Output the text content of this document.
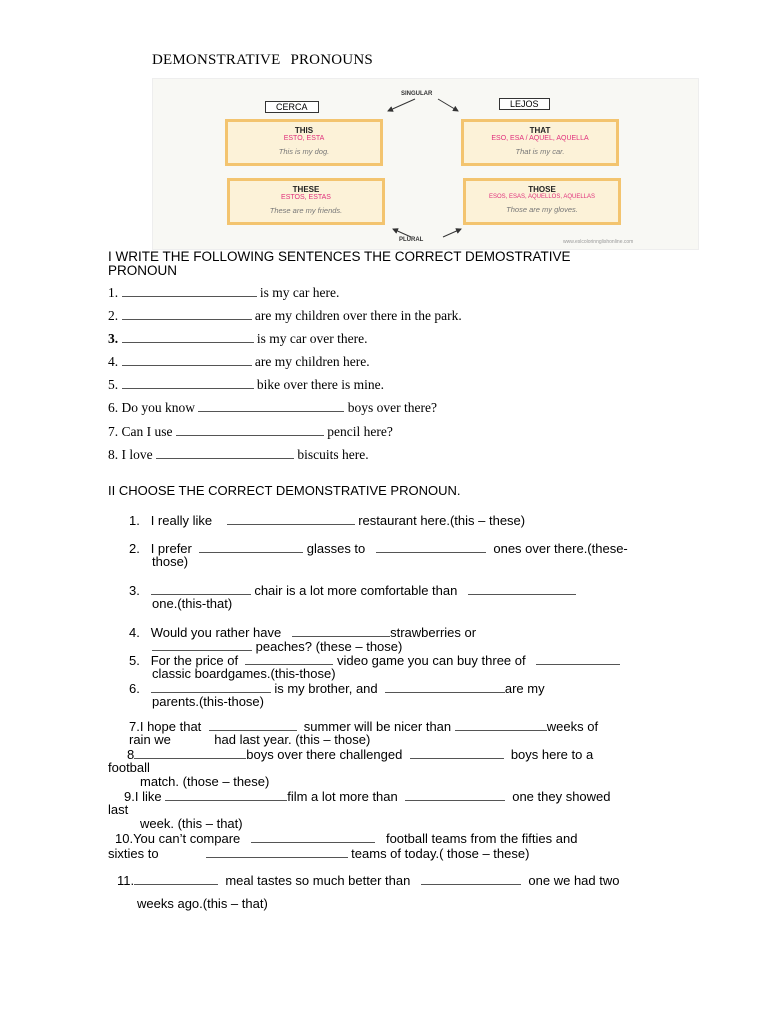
DEMONSTRATIVE PRONOUNS
SINGULAR
PLURAL
CERCA	LEJOS
THIS
ESTO, ESTA
This is my dog.
THAT
ESO, ESA / AQUEL, AQUELLA
That is my car.
THESE
ESTOS, ESTAS
These are my friends.
THOSE
ESOS, ESAS, AQUELLOS, AQUELLAS
Those are my gloves.
www.eslcolorinnglishonline.com
I WRITE THE FOLLOWING SENTENCES THE CORRECT DEMOSTRATIVE
PRONOUN
1.	is my car here.
2.	are my children over there in the park.
3.	is my car over there.
4.	are my children here.
5.	bike over there is mine.
6. Do you know	boys over there?
7. Can I use	pencil here?
8. I love	biscuits here.
II CHOOSE THE CORRECT DEMONSTRATIVE PRONOUN.
1. I really like	restaurant here.(this – these)
2. I prefer	glasses to	ones over there.(these-
those)
3.	chair is a lot more comfortable than
one.(this-that)
4. Would you rather have	strawberries or
peaches? (these – those)
5. For the price of	video game you can buy three of
classic boardgames.(this-those)
6.	is my brother, and	are my
parents.(this-those)
7.I hope that	summer will be nicer than	weeks of
rain we	had last year. (this – those)
8	boys over there challenged	boys here to a
football
match. (those – these)
9.I like	film a lot more than	one they showed
last
week. (this – that)
10.You can’t compare	football teams from the fifties and
sixties to	teams of today.( those – these)
11.	meal tastes so much better than	one we had two
weeks ago.(this – that)
